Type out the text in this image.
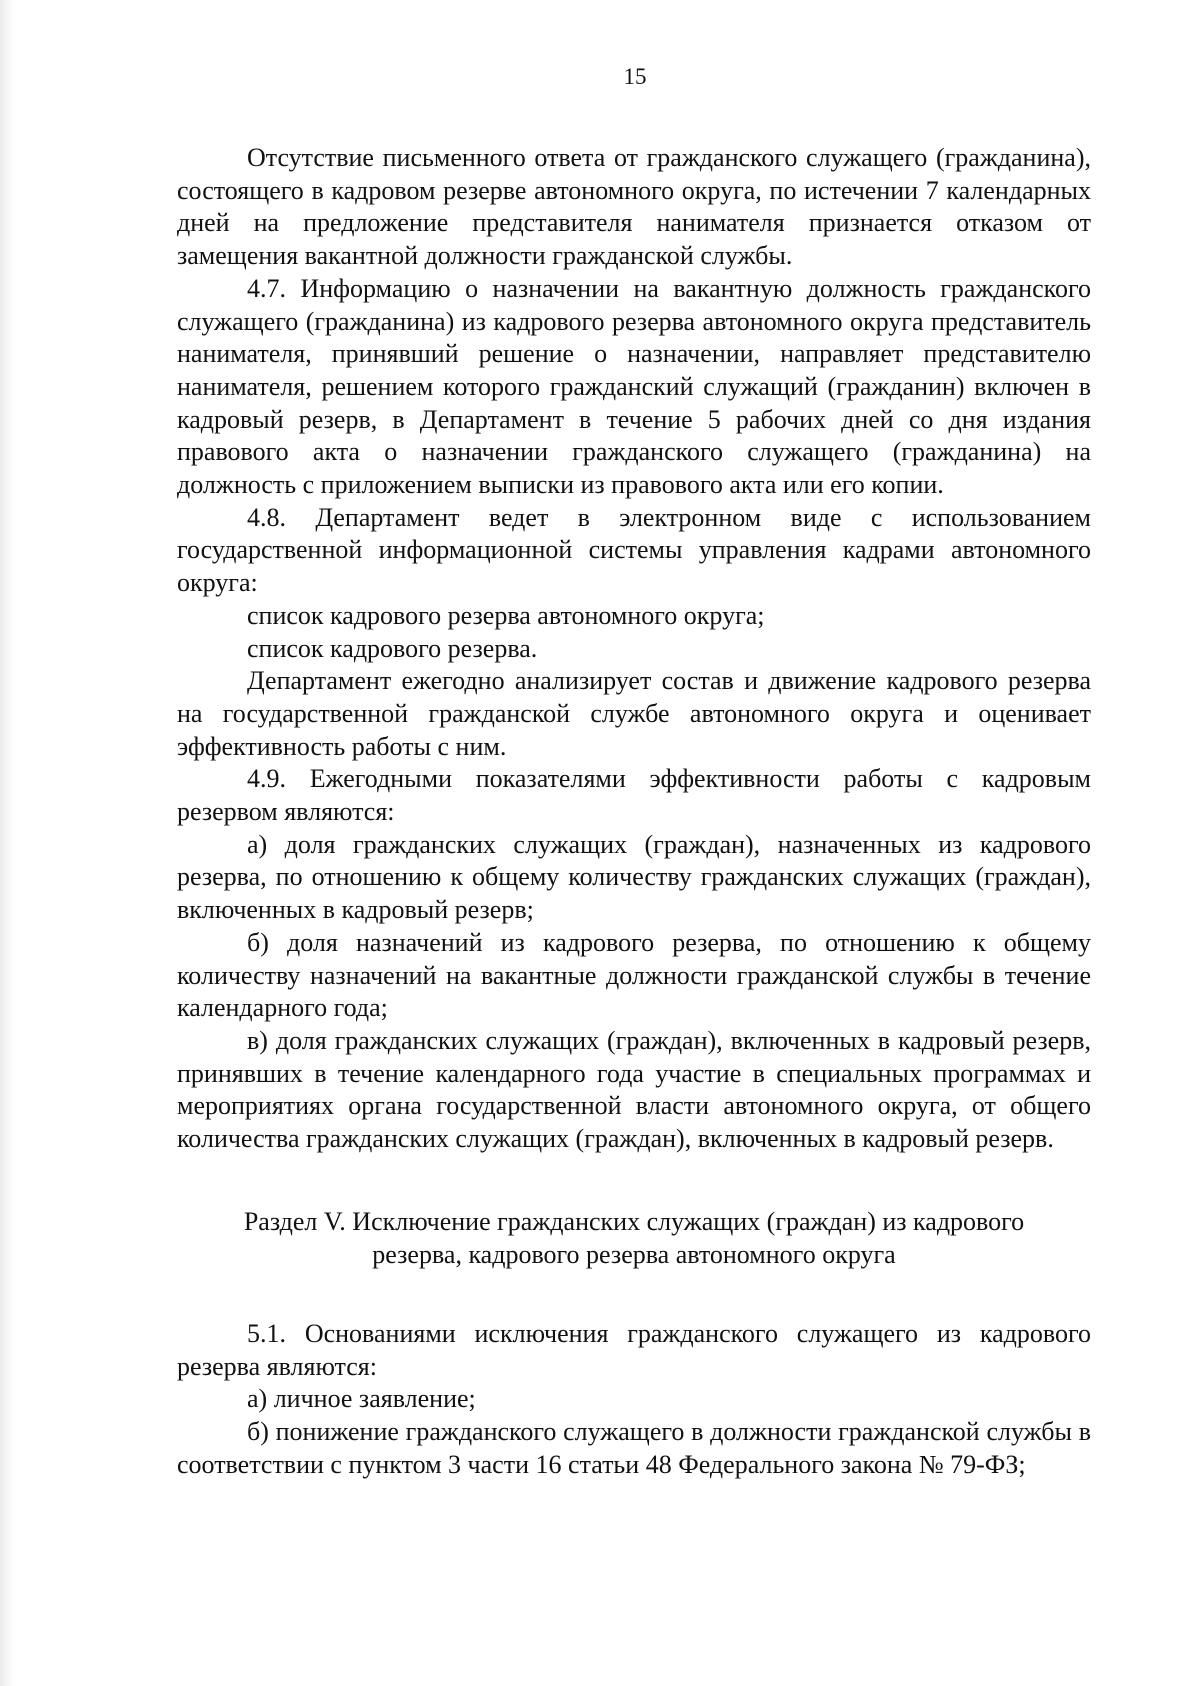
15

Отсутствие письменного ответа от гражданского служащего (гражданина), состоящего в кадровом резерве автономного округа, по истечении 7 календарных дней на предложение представителя нанимателя признается отказом от замещения вакантной должности гражданской службы.

4.7. Информацию о назначении на вакантную должность гражданского служащего (гражданина) из кадрового резерва автономного округа представитель нанимателя, принявший решение о назначении, направляет представителю нанимателя, решением которого гражданский служащий (гражданин) включен в кадровый резерв, в Департамент в течение 5 рабочих дней со дня издания правового акта о назначении гражданского служащего (гражданина) на должность с приложением выписки из правового акта или его копии.

4.8. Департамент ведет в электронном виде с использованием государственной информационной системы управления кадрами автономного округа:

список кадрового резерва автономного округа;

список кадрового резерва.

Департамент ежегодно анализирует состав и движение кадрового резерва на государственной гражданской службе автономного округа и оценивает эффективность работы с ним.

4.9. Ежегодными показателями эффективности работы с кадровым резервом являются:

а) доля гражданских служащих (граждан), назначенных из кадрового резерва, по отношению к общему количеству гражданских служащих (граждан), включенных в кадровый резерв;

б) доля назначений из кадрового резерва, по отношению к общему количеству назначений на вакантные должности гражданской службы в течение календарного года;

в) доля гражданских служащих (граждан), включенных в кадровый резерв, принявших в течение календарного года участие в специальных программах и мероприятиях органа государственной власти автономного округа, от общего количества гражданских служащих (граждан), включенных в кадровый резерв.

Раздел V. Исключение гражданских служащих (граждан) из кадрового
резерва, кадрового резерва автономного округа

5.1. Основаниями исключения гражданского служащего из кадрового резерва являются:

а) личное заявление;

б) понижение гражданского служащего в должности гражданской службы в соответствии с пунктом 3 части 16 статьи 48 Федерального закона № 79-ФЗ;
